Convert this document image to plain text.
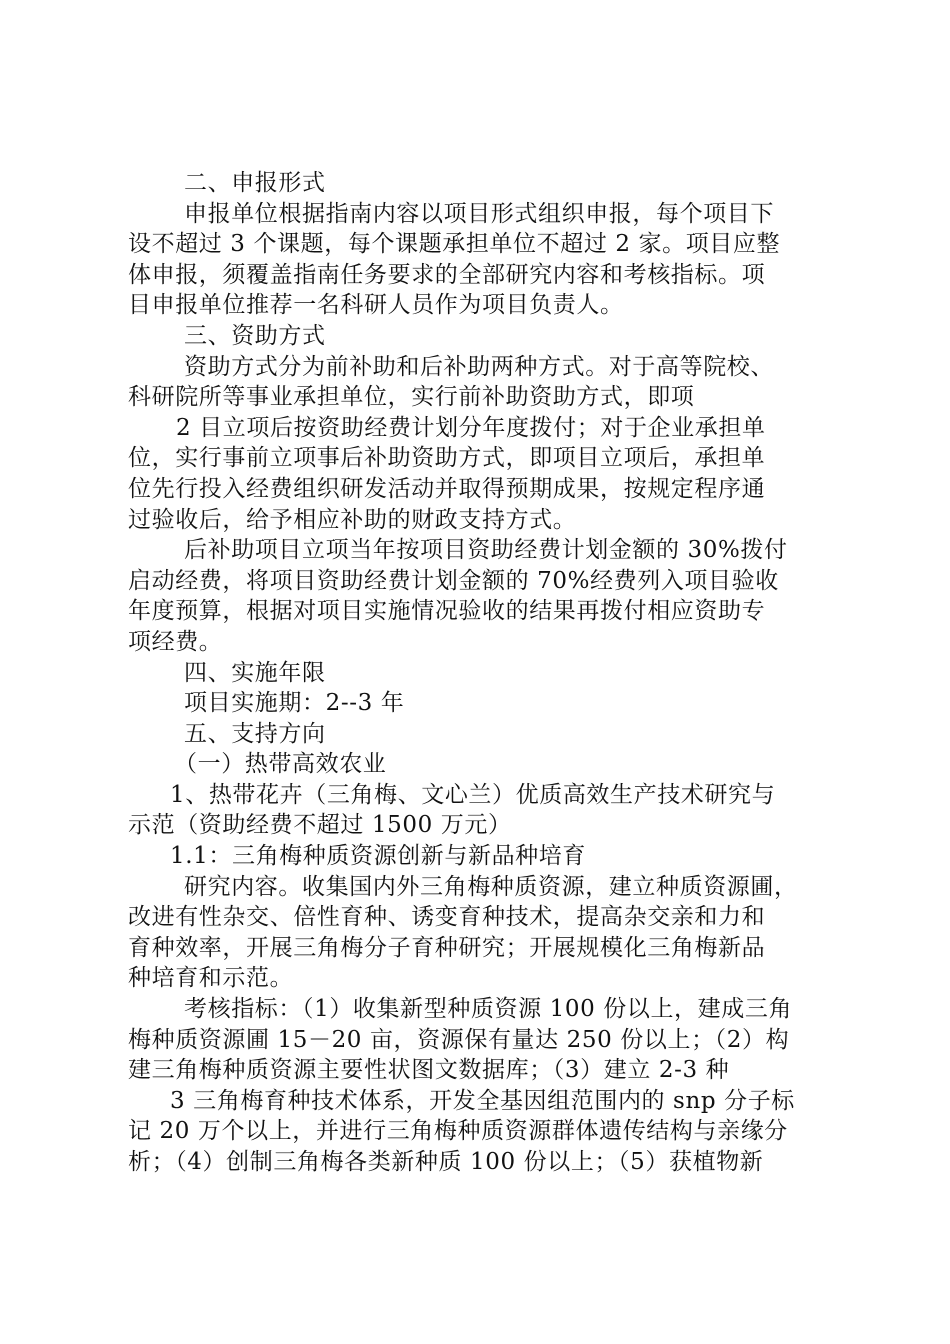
二、申报形式

申报单位根据指南内容以项目形式组织申报，每个项目下

设不超过 3 个课题，每个课题承担单位不超过 2 家。项目应整

体申报，须覆盖指南任务要求的全部研究内容和考核指标。项

目申报单位推荐一名科研人员作为项目负责人。

三、资助方式

资助方式分为前补助和后补助两种方式。对于高等院校、

科研院所等事业承担单位，实行前补助资助方式，即项

2 目立项后按资助经费计划分年度拨付；对于企业承担单

位，实行事前立项事后补助资助方式，即项目立项后，承担单

位先行投入经费组织研发活动并取得预期成果，按规定程序通

过验收后，给予相应补助的财政支持方式。

后补助项目立项当年按项目资助经费计划金额的 30%拨付

启动经费，将项目资助经费计划金额的 70%经费列入项目验收

年度预算，根据对项目实施情况验收的结果再拨付相应资助专

项经费。

四、实施年限

项目实施期：2--3 年

五、支持方向

（一）热带高效农业

1、热带花卉（三角梅、文心兰）优质高效生产技术研究与

示范（资助经费不超过 1500 万元）

1.1：三角梅种质资源创新与新品种培育

研究内容。收集国内外三角梅种质资源，建立种质资源圃，

改进有性杂交、倍性育种、诱变育种技术，提高杂交亲和力和

育种效率，开展三角梅分子育种研究；开展规模化三角梅新品

种培育和示范。

考核指标：（1）收集新型种质资源 100 份以上，建成三角

梅种质资源圃 15－20 亩，资源保有量达 250 份以上；（2）构

建三角梅种质资源主要性状图文数据库；（3）建立 2-3 种

3 三角梅育种技术体系，开发全基因组范围内的 snp 分子标

记 20 万个以上，并进行三角梅种质资源群体遗传结构与亲缘分

析；（4）创制三角梅各类新种质 100 份以上；（5）获植物新
